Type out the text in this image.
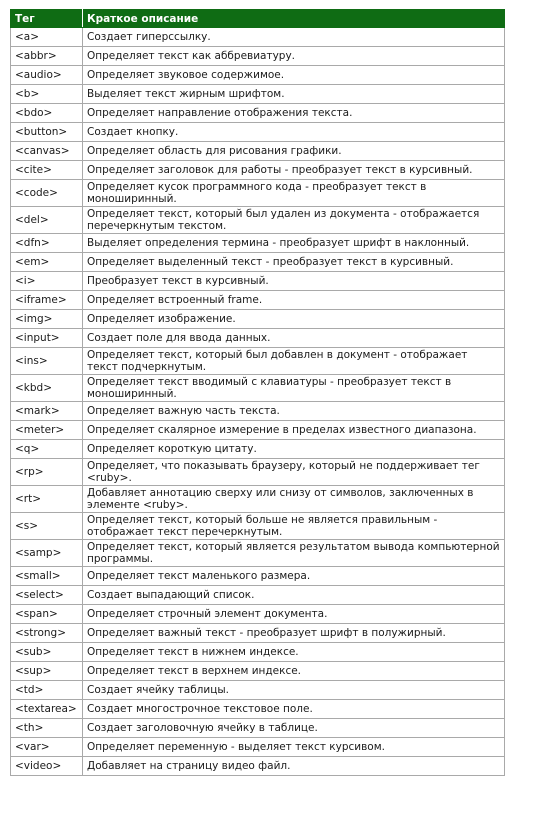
Тег	Краткое описание
<a>	Создает гиперссылку.
<abbr>	Определяет текст как аббревиатуру.
<audio>	Определяет звуковое содержимое.
<b>	Выделяет текст жирным шрифтом.
<bdo>	Определяет направление отображения текста.
<button>	Создает кнопку.
<canvas>	Определяет область для рисования графики.
<cite>	Определяет заголовок для работы - преобразует текст в курсивный.
<code>	Определяет кусок программного кода - преобразует текст в моноширинный.
<del>	Определяет текст, который был удален из документа - отображается перечеркнутым текстом.
<dfn>	Выделяет определения термина - преобразует шрифт в наклонный.
<em>	Определяет выделенный текст - преобразует текст в курсивный.
<i>	Преобразует текст в курсивный.
<iframe>	Определяет встроенный frame.
<img>	Определяет изображение.
<input>	Создает поле для ввода данных.
<ins>	Определяет текст, который был добавлен в документ - отображает текст подчеркнутым.
<kbd>	Определяет текст вводимый с клавиатуры - преобразует текст в моноширинный.
<mark>	Определяет важную часть текста.
<meter>	Определяет скалярное измерение в пределах известного диапазона.
<q>	Определяет короткую цитату.
<rp>	Определяет, что показывать браузеру, который не поддерживает тег <ruby>.
<rt>	Добавляет аннотацию сверху или снизу от символов, заключенных в элементе <ruby>.
<s>	Определяет текст, который больше не является правильным - отображает текст перечеркнутым.
<samp>	Определяет текст, который является результатом вывода компьютерной программы.
<small>	Определяет текст маленького размера.
<select>	Создает выпадающий список.
<span>	Определяет строчный элемент документа.
<strong>	Определяет важный текст - преобразует шрифт в полужирный.
<sub>	Определяет текст в нижнем индексе.
<sup>	Определяет текст в верхнем индексе.
<td>	Создает ячейку таблицы.
<textarea>	Создает многострочное текстовое поле.
<th>	Создает заголовочную ячейку в таблице.
<var>	Определяет переменную - выделяет текст курсивом.
<video>	Добавляет на страницу видео файл.
